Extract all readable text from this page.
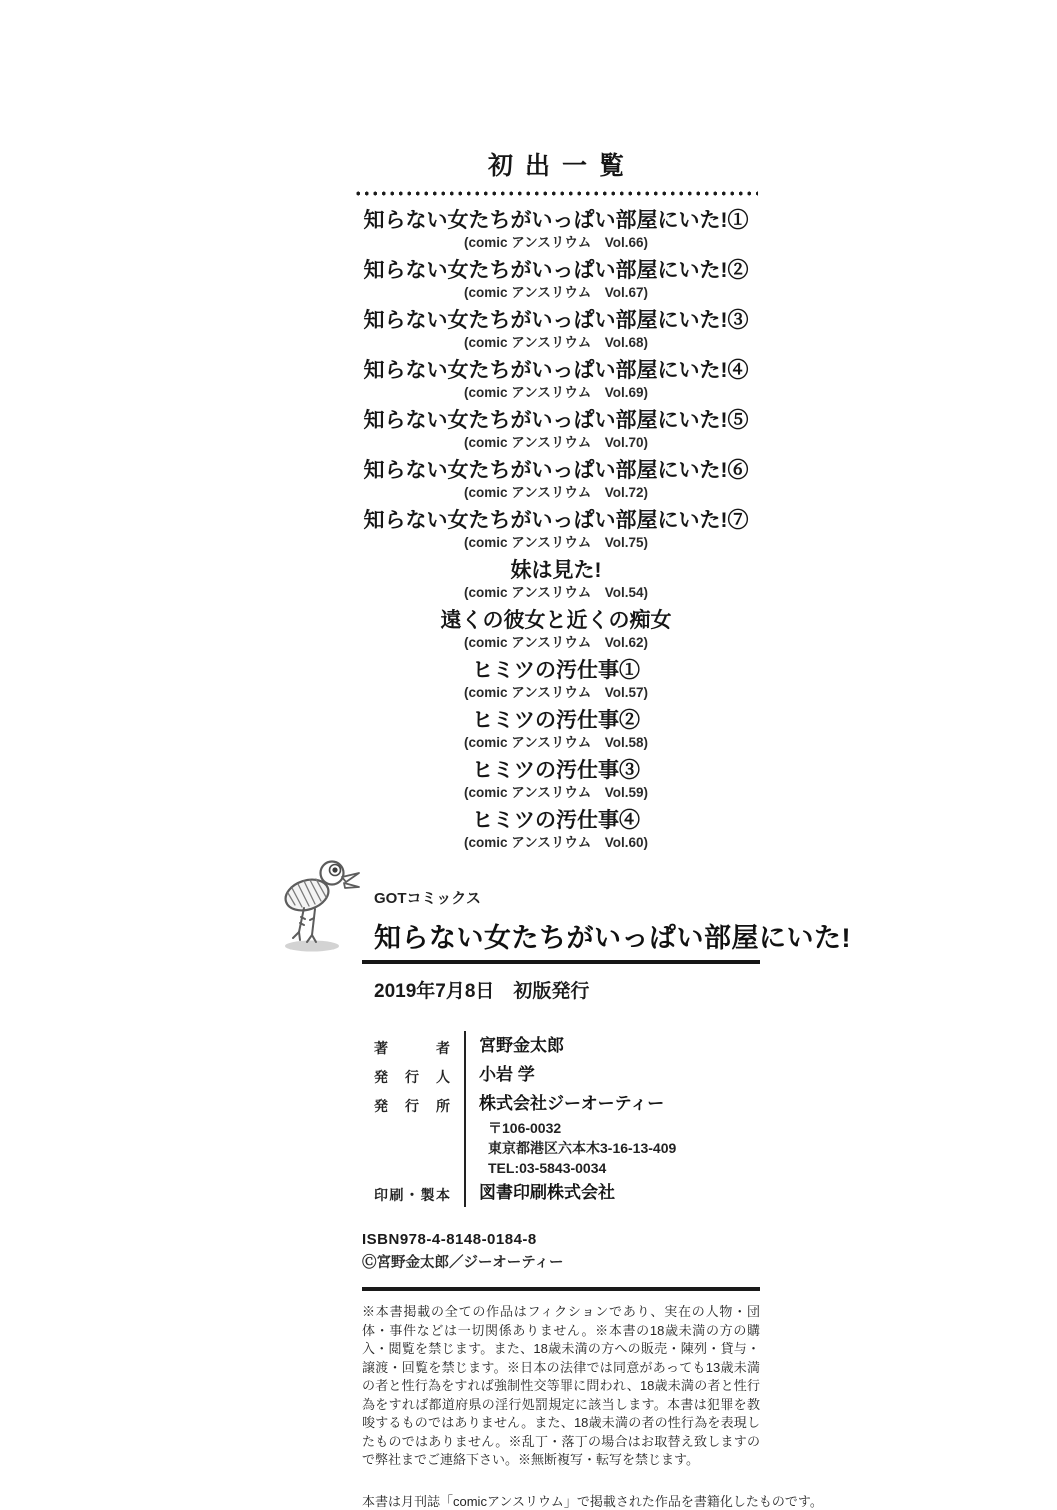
初出一覧
知らない女たちがいっぱい部屋にいた!①
(comic アンスリウム　Vol.66)
知らない女たちがいっぱい部屋にいた!②
(comic アンスリウム　Vol.67)
知らない女たちがいっぱい部屋にいた!③
(comic アンスリウム　Vol.68)
知らない女たちがいっぱい部屋にいた!④
(comic アンスリウム　Vol.69)
知らない女たちがいっぱい部屋にいた!⑤
(comic アンスリウム　Vol.70)
知らない女たちがいっぱい部屋にいた!⑥
(comic アンスリウム　Vol.72)
知らない女たちがいっぱい部屋にいた!⑦
(comic アンスリウム　Vol.75)
妹は見た!
(comic アンスリウム　Vol.54)
遠くの彼女と近くの痴女
(comic アンスリウム　Vol.62)
ヒミツの汚仕事①
(comic アンスリウム　Vol.57)
ヒミツの汚仕事②
(comic アンスリウム　Vol.58)
ヒミツの汚仕事③
(comic アンスリウム　Vol.59)
ヒミツの汚仕事④
(comic アンスリウム　Vol.60)
GOTコミックス
知らない女たちがいっぱい部屋にいた!
2019年7月8日　初版発行
著 者 宮野金太郎
発 行 人 小岩 学
発 行 所 株式会社ジーオーティー
〒106-0032
東京都港区六本木3-16-13-409
TEL:03-5843-0034
印刷・製本 図書印刷株式会社
ISBN978-4-8148-0184-8
Ⓒ宮野金太郎／ジーオーティー
※本書掲載の全ての作品はフィクションであり、実在の人物・団体・事件などは一切関係ありません。※本書の18歳未満の方の購入・閲覧を禁じます。また、18歳未満の方への販売・陳列・貸与・譲渡・回覧を禁じます。※日本の法律では同意があっても13歳未満の者と性行為をすれば強制性交等罪に問われ、18歳未満の者と性行為をすれば都道府県の淫行処罰規定に該当します。本書は犯罪を教唆するものではありません。また、18歳未満の者の性行為を表現したものではありません。※乱丁・落丁の場合はお取替え致しますので弊社までご連絡下さい。※無断複写・転写を禁じます。
本書は月刊誌「comicアンスリウム」で掲載された作品を書籍化したものです。
